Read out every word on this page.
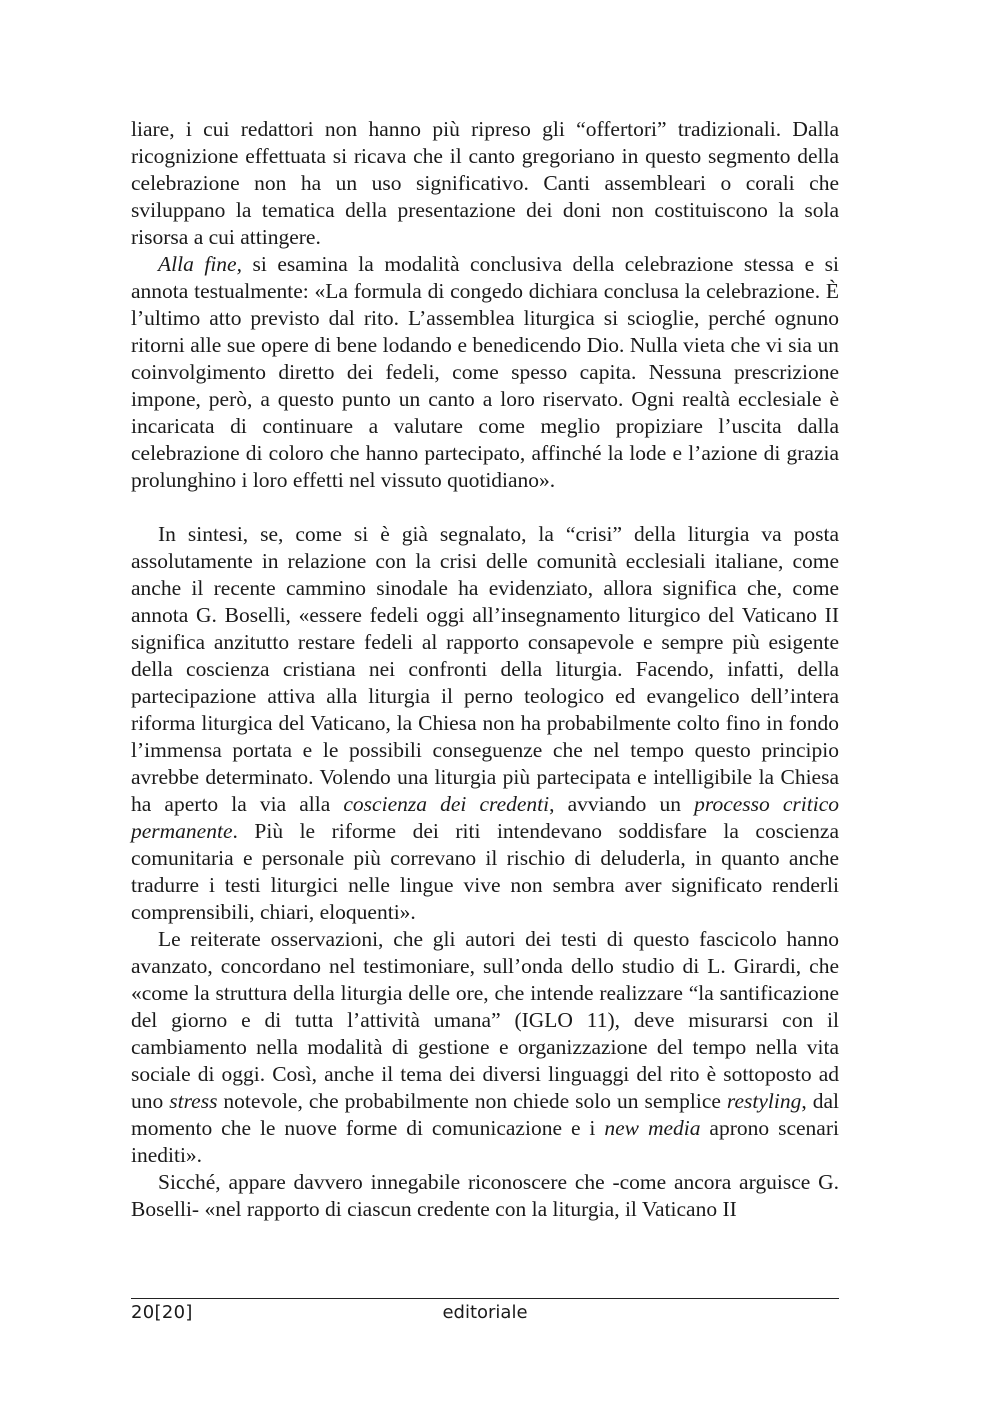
liare, i cui redattori non hanno più ripreso gli “offertori” tradizionali. Dalla ricognizione effettuata si ricava che il canto gregoriano in questo segmento della celebrazione non ha un uso significativo. Canti assembleari o corali che sviluppano la tematica della presentazione dei doni non costituiscono la sola risorsa a cui attingere.

Alla fine, si esamina la modalità conclusiva della celebrazione stessa e si annota testualmente: «La formula di congedo dichiara conclusa la celebrazione. È l’ultimo atto previsto dal rito. L’assemblea liturgica si scioglie, perché ognuno ritorni alle sue opere di bene lodando e benedicendo Dio. Nulla vieta che vi sia un coinvolgimento diretto dei fedeli, come spesso capita. Nessuna prescrizione impone, però, a questo punto un canto a loro riservato. Ogni realtà ecclesiale è incaricata di continuare a valutare come meglio propiziare l’uscita dalla celebrazione di coloro che hanno partecipato, affinché la lode e l’azione di grazia prolunghino i loro effetti nel vissuto quotidiano».

In sintesi, se, come si è già segnalato, la “crisi” della liturgia va posta assolutamente in relazione con la crisi delle comunità ecclesiali italiane, come anche il recente cammino sinodale ha evidenziato, allora significa che, come annota G. Boselli, «essere fedeli oggi all’insegnamento liturgico del Vaticano II significa anzitutto restare fedeli al rapporto consapevole e sempre più esigente della coscienza cristiana nei confronti della liturgia. Facendo, infatti, della partecipazione attiva alla liturgia il perno teologico ed evangelico dell’intera riforma liturgica del Vaticano, la Chiesa non ha probabilmente colto fino in fondo l’immensa portata e le possibili conseguenze che nel tempo questo principio avrebbe determinato. Volendo una liturgia più partecipata e intelligibile la Chiesa ha aperto la via alla coscienza dei credenti, avviando un processo critico permanente. Più le riforme dei riti intendevano soddisfare la coscienza comunitaria e personale più correvano il rischio di deluderla, in quanto anche tradurre i testi liturgici nelle lingue vive non sembra aver significato renderli comprensibili, chiari, eloquenti».

Le reiterate osservazioni, che gli autori dei testi di questo fascicolo hanno avanzato, concordano nel testimoniare, sull’onda dello studio di L. Girardi, che «come la struttura della liturgia delle ore, che intende realizzare “la santificazione del giorno e di tutta l’attività umana” (IGLO 11), deve misurarsi con il cambiamento nella modalità di gestione e organizzazione del tempo nella vita sociale di oggi. Così, anche il tema dei diversi linguaggi del rito è sottoposto ad uno stress notevole, che probabilmente non chiede solo un semplice restyling, dal momento che le nuove forme di comunicazione e i new media aprono scenari inediti».

Sicché, appare davvero innegabile riconoscere che -come ancora arguisce G. Boselli- «nel rapporto di ciascun credente con la liturgia, il Vaticano II

20[20]	editoriale
